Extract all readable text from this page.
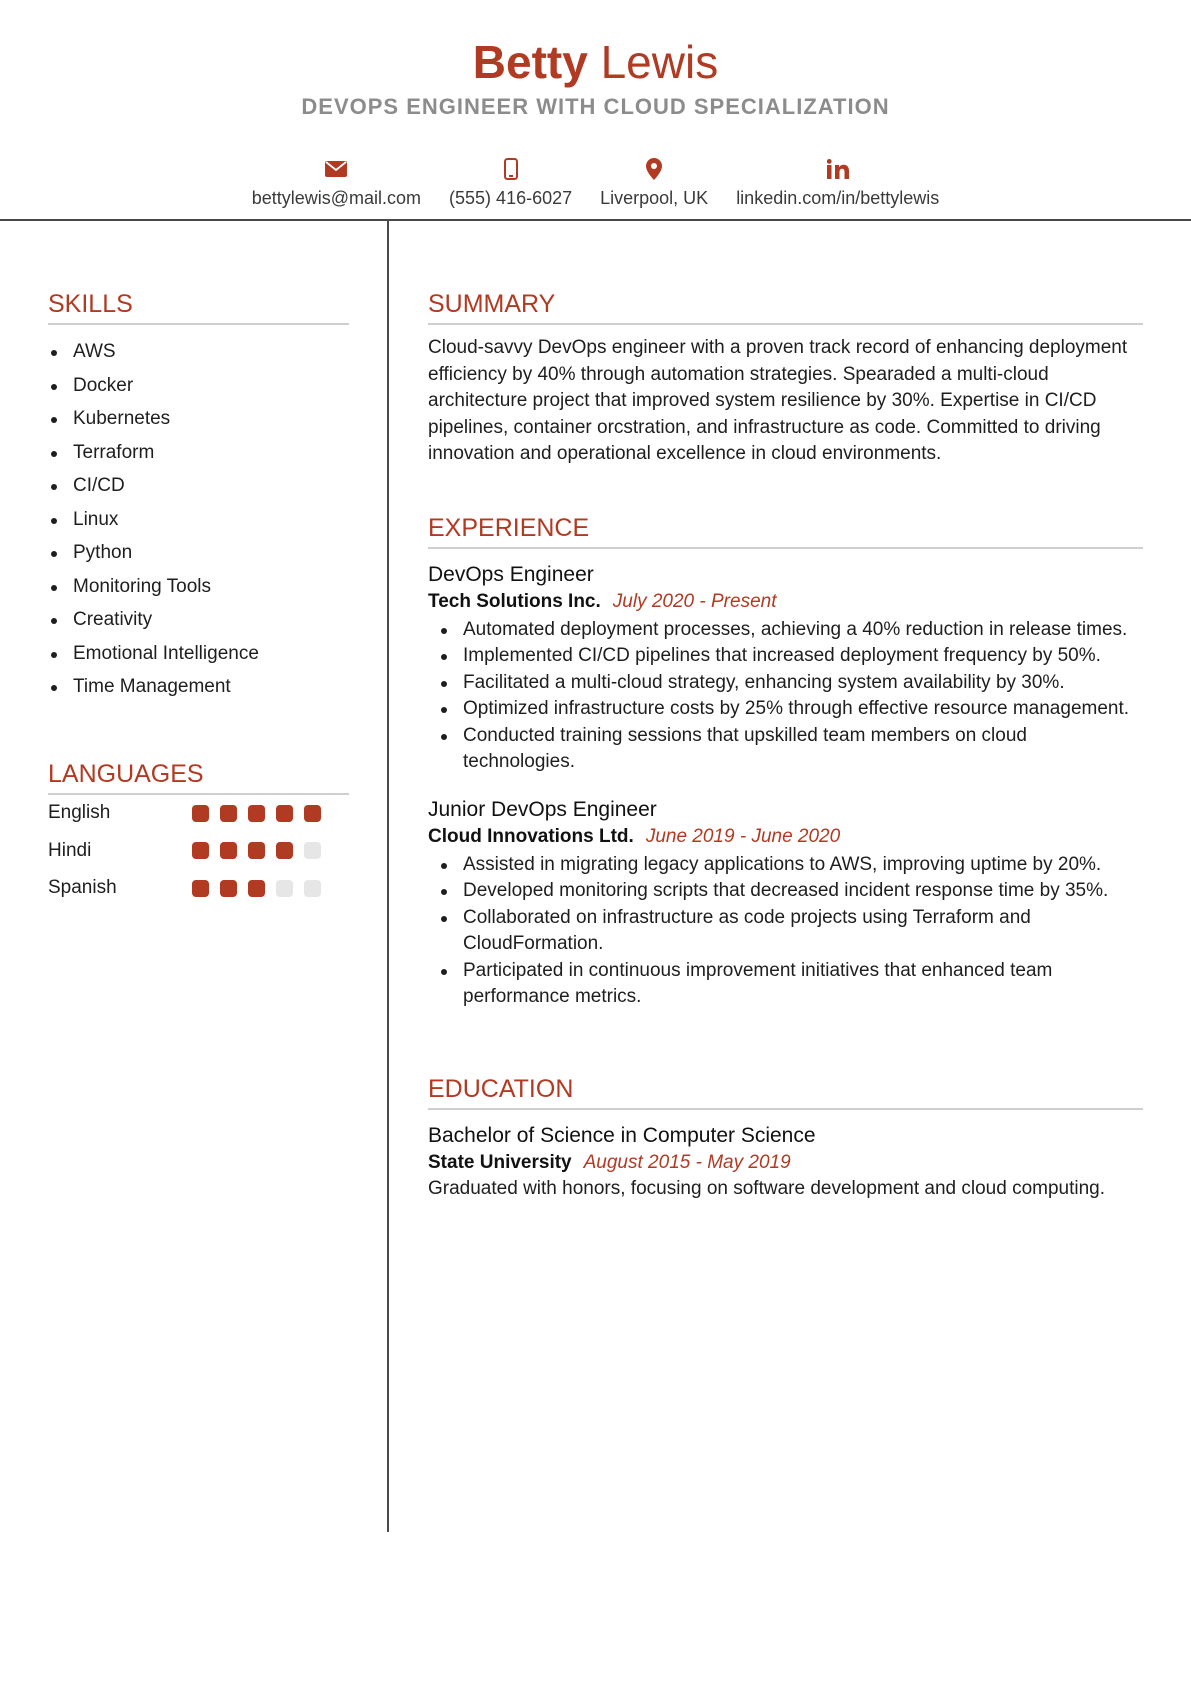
Betty Lewis
DEVOPS ENGINEER WITH CLOUD SPECIALIZATION
bettylewis@mail.com (555) 416-6027 Liverpool, UK linkedin.com/in/bettylewis
SKILLS
AWS
Docker
Kubernetes
Terraform
CI/CD
Linux
Python
Monitoring Tools
Creativity
Emotional Intelligence
Time Management
LANGUAGES
English
Hindi
Spanish
SUMMARY
Cloud-savvy DevOps engineer with a proven track record of enhancing deployment efficiency by 40% through automation strategies. Spearaded a multi-cloud architecture project that improved system resilience by 30%. Expertise in CI/CD pipelines, container orcstration, and infrastructure as code. Committed to driving innovation and operational excellence in cloud environments.
EXPERIENCE
DevOps Engineer
Tech Solutions Inc. July 2020 - Present
Automated deployment processes, achieving a 40% reduction in release times.
Implemented CI/CD pipelines that increased deployment frequency by 50%.
Facilitated a multi-cloud strategy, enhancing system availability by 30%.
Optimized infrastructure costs by 25% through effective resource management.
Conducted training sessions that upskilled team members on cloud technologies.
Junior DevOps Engineer
Cloud Innovations Ltd. June 2019 - June 2020
Assisted in migrating legacy applications to AWS, improving uptime by 20%.
Developed monitoring scripts that decreased incident response time by 35%.
Collaborated on infrastructure as code projects using Terraform and CloudFormation.
Participated in continuous improvement initiatives that enhanced team performance metrics.
EDUCATION
Bachelor of Science in Computer Science
State University August 2015 - May 2019
Graduated with honors, focusing on software development and cloud computing.
